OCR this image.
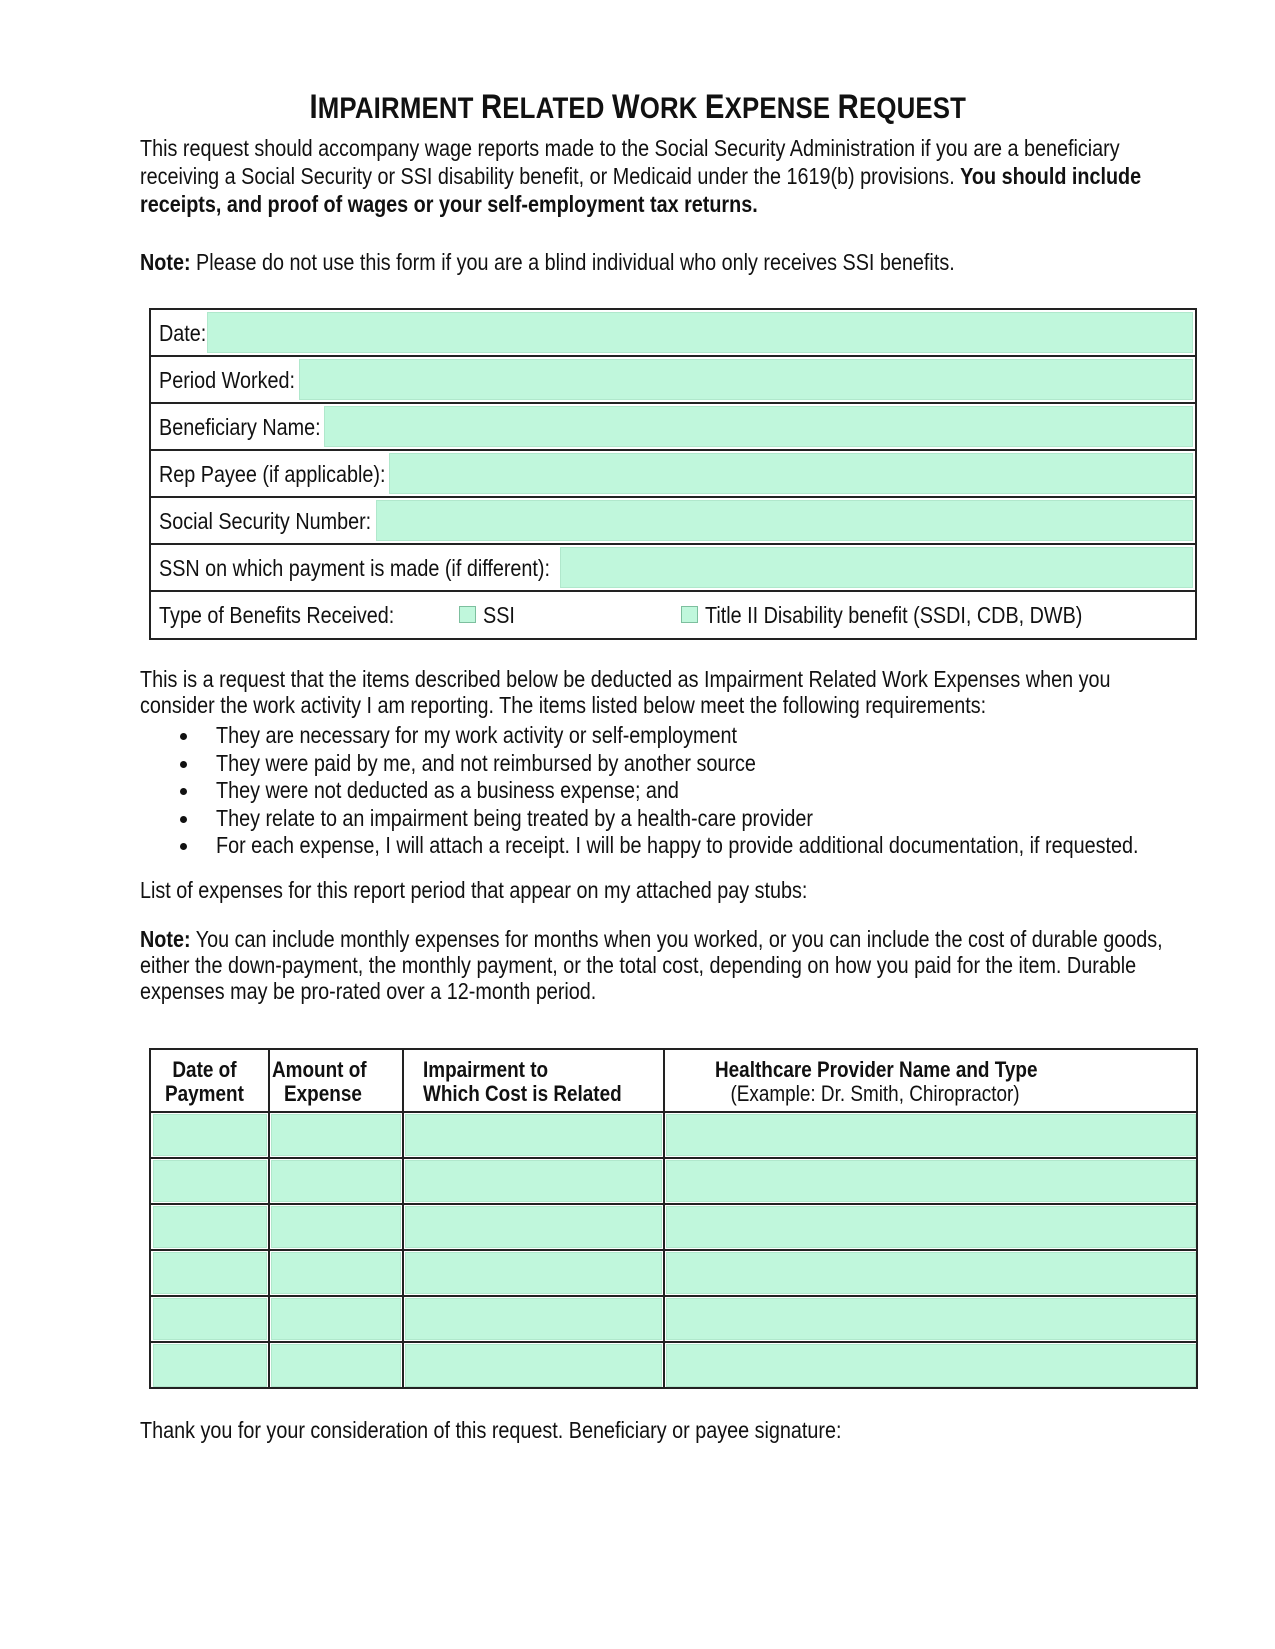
IMPAIRMENT RELATED WORK EXPENSE REQUEST
This request should accompany wage reports made to the Social Security Administration if you are a beneficiary
receiving a Social Security or SSI disability benefit, or Medicaid under the 1619(b) provisions. You should include
receipts, and proof of wages or your self-employment tax returns.
Note: Please do not use this form if you are a blind individual who only receives SSI benefits.
Date:
Period Worked:
Beneficiary Name:
Rep Payee (if applicable):
Social Security Number:
SSN on which payment is made (if different):
Type of Benefits Received:	SSI	Title II Disability benefit (SSDI, CDB, DWB)
This is a request that the items described below be deducted as Impairment Related Work Expenses when you
consider the work activity I am reporting. The items listed below meet the following requirements:
They are necessary for my work activity or self-employment
They were paid by me, and not reimbursed by another source
They were not deducted as a business expense; and
They relate to an impairment being treated by a health-care provider
For each expense, I will attach a receipt. I will be happy to provide additional documentation, if requested.
List of expenses for this report period that appear on my attached pay stubs:
Note: You can include monthly expenses for months when you worked, or you can include the cost of durable goods,
either the down-payment, the monthly payment, or the total cost, depending on how you paid for the item. Durable
expenses may be pro-rated over a 12-month period.
Date of
Payment
Amount of
Expense
Impairment to
Which Cost is Related
Healthcare Provider Name and Type
(Example: Dr. Smith, Chiropractor)
Thank you for your consideration of this request. Beneficiary or payee signature:
